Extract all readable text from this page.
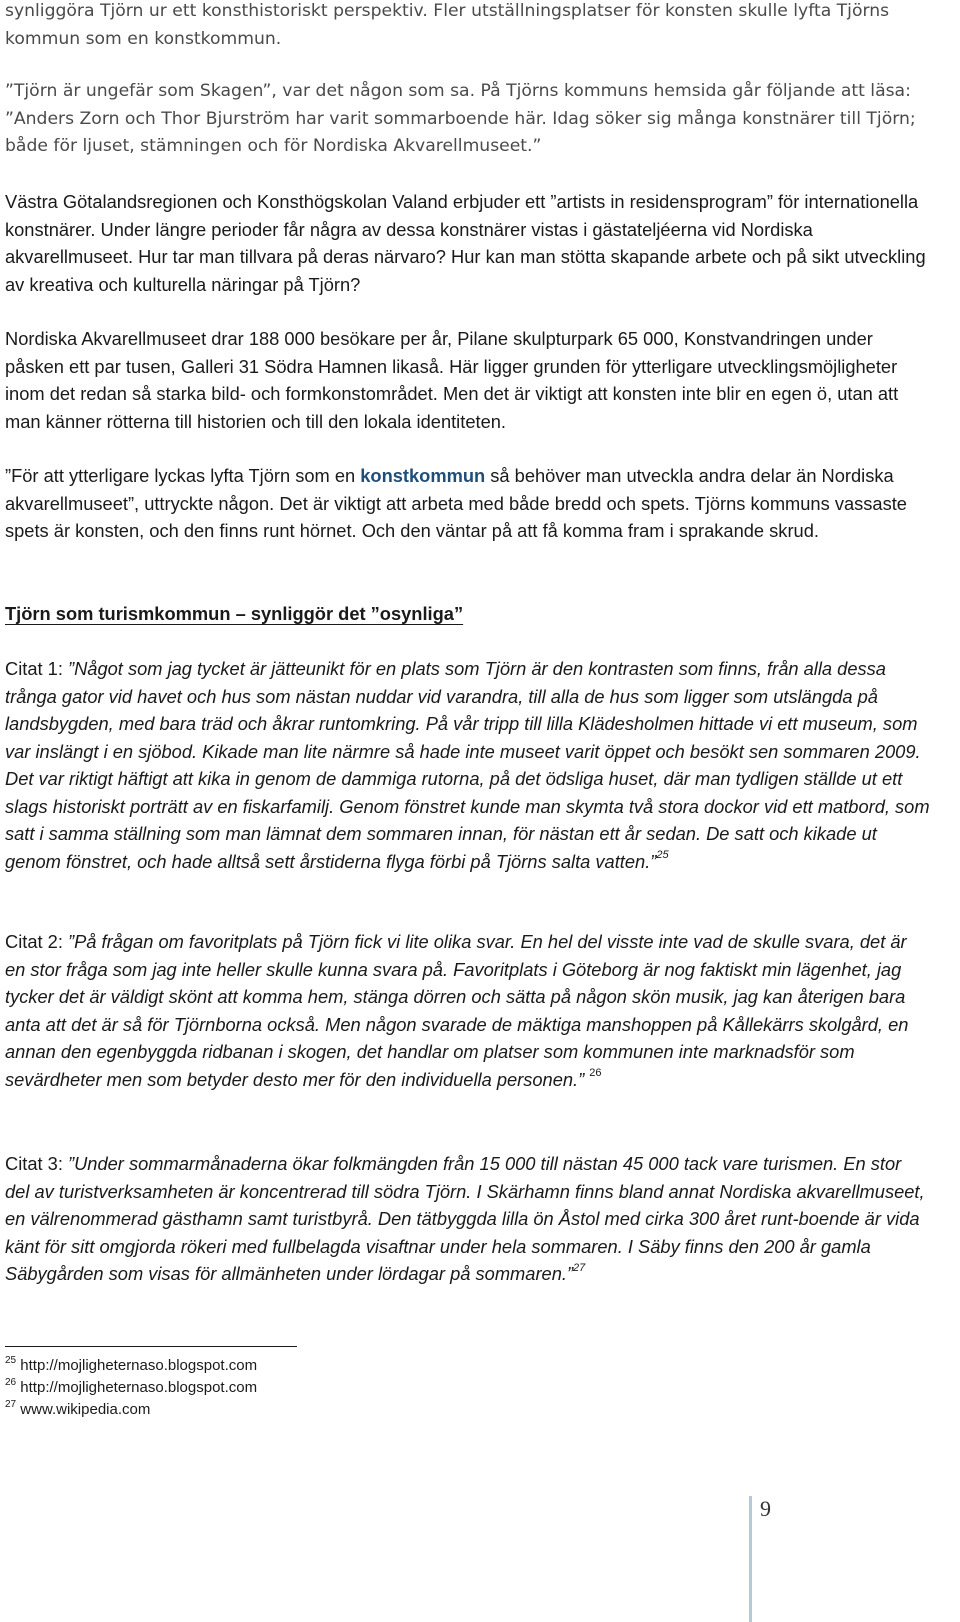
synliggöra Tjörn ur ett konsthistoriskt perspektiv. Fler utställningsplatser för konsten skulle lyfta Tjörns kommun som en konstkommun.

”Tjörn är ungefär som Skagen”, var det någon som sa. På Tjörns kommuns hemsida går följande att läsa: ”Anders Zorn och Thor Bjurström har varit sommarboende här. Idag söker sig många konstnärer till Tjörn; både för ljuset, stämningen och för Nordiska Akvarellmuseet.”

Västra Götalandsregionen och Konsthögskolan Valand erbjuder ett ”artists in residensprogram” för internationella konstnärer. Under längre perioder får några av dessa konstnärer vistas i gästateljéerna vid Nordiska akvarellmuseet. Hur tar man tillvara på deras närvaro? Hur kan man stötta skapande arbete och på sikt utveckling av kreativa och kulturella näringar på Tjörn?

Nordiska Akvarellmuseet drar 188 000 besökare per år, Pilane skulpturpark 65 000, Konstvandringen under påsken ett par tusen, Galleri 31 Södra Hamnen likaså. Här ligger grunden för ytterligare utvecklingsmöjligheter inom det redan så starka bild- och formkonstområdet. Men det är viktigt att konsten inte blir en egen ö, utan att man känner rötterna till historien och till den lokala identiteten.

”För att ytterligare lyckas lyfta Tjörn som en konstkommun så behöver man utveckla andra delar än Nordiska akvarellmuseet”, uttryckte någon. Det är viktigt att arbeta med både bredd och spets. Tjörns kommuns vassaste spets är konsten, och den finns runt hörnet. Och den väntar på att få komma fram i sprakande skrud.

Tjörn som turismkommun – synliggör det ”osynliga”

Citat 1: ”Något som jag tycket är jätteunikt för en plats som Tjörn är den kontrasten som finns, från alla dessa trånga gator vid havet och hus som nästan nuddar vid varandra, till alla de hus som ligger som utslängda på landsbygden, med bara träd och åkrar runtomkring. På vår tripp till lilla Klädesholmen hittade vi ett museum, som var inslängt i en sjöbod. Kikade man lite närmre så hade inte museet varit öppet och besökt sen sommaren 2009. Det var riktigt häftigt att kika in genom de dammiga rutorna, på det ödsliga huset, där man tydligen ställde ut ett slags historiskt porträtt av en fiskarfamilj. Genom fönstret kunde man skymta två stora dockor vid ett matbord, som satt i samma ställning som man lämnat dem sommaren innan, för nästan ett år sedan. De satt och kikade ut genom fönstret, och hade alltså sett årstiderna flyga förbi på Tjörns salta vatten.”$^{25}$

Citat 2: ”På frågan om favoritplats på Tjörn fick vi lite olika svar. En hel del visste inte vad de skulle svara, det är en stor fråga som jag inte heller skulle kunna svara på. Favoritplats i Göteborg är nog faktiskt min lägenhet, jag tycker det är väldigt skönt att komma hem, stänga dörren och sätta på någon skön musik, jag kan återigen bara anta att det är så för Tjörnborna också. Men någon svarade de mäktiga manshoppen på Kållekärrs skolgård, en annan den egenbyggda ridbanan i skogen, det handlar om platser som kommunen inte marknadsför som sevärdheter men som betyder desto mer för den individuella personen.” $^{26}$

Citat 3: ”Under sommarmånaderna ökar folkmängden från 15 000 till nästan 45 000 tack vare turismen. En stor del av turistverksamheten är koncentrerad till södra Tjörn. I Skärhamn finns bland annat Nordiska akvarellmuseet, en välrenommerad gästhamn samt turistbyrå. Den tätbyggda lilla ön Åstol med cirka 300 året runt-boende är vida känt för sitt omgjorda rökeri med fullbelagda visaftnar under hela sommaren. I Säby finns den 200 år gamla Säbygården som visas för allmänheten under lördagar på sommaren.”$^{27}$

$^{25}$ http://mojligheternaso.blogspot.com
$^{26}$ http://mojligheternaso.blogspot.com
$^{27}$ www.wikipedia.com
9
